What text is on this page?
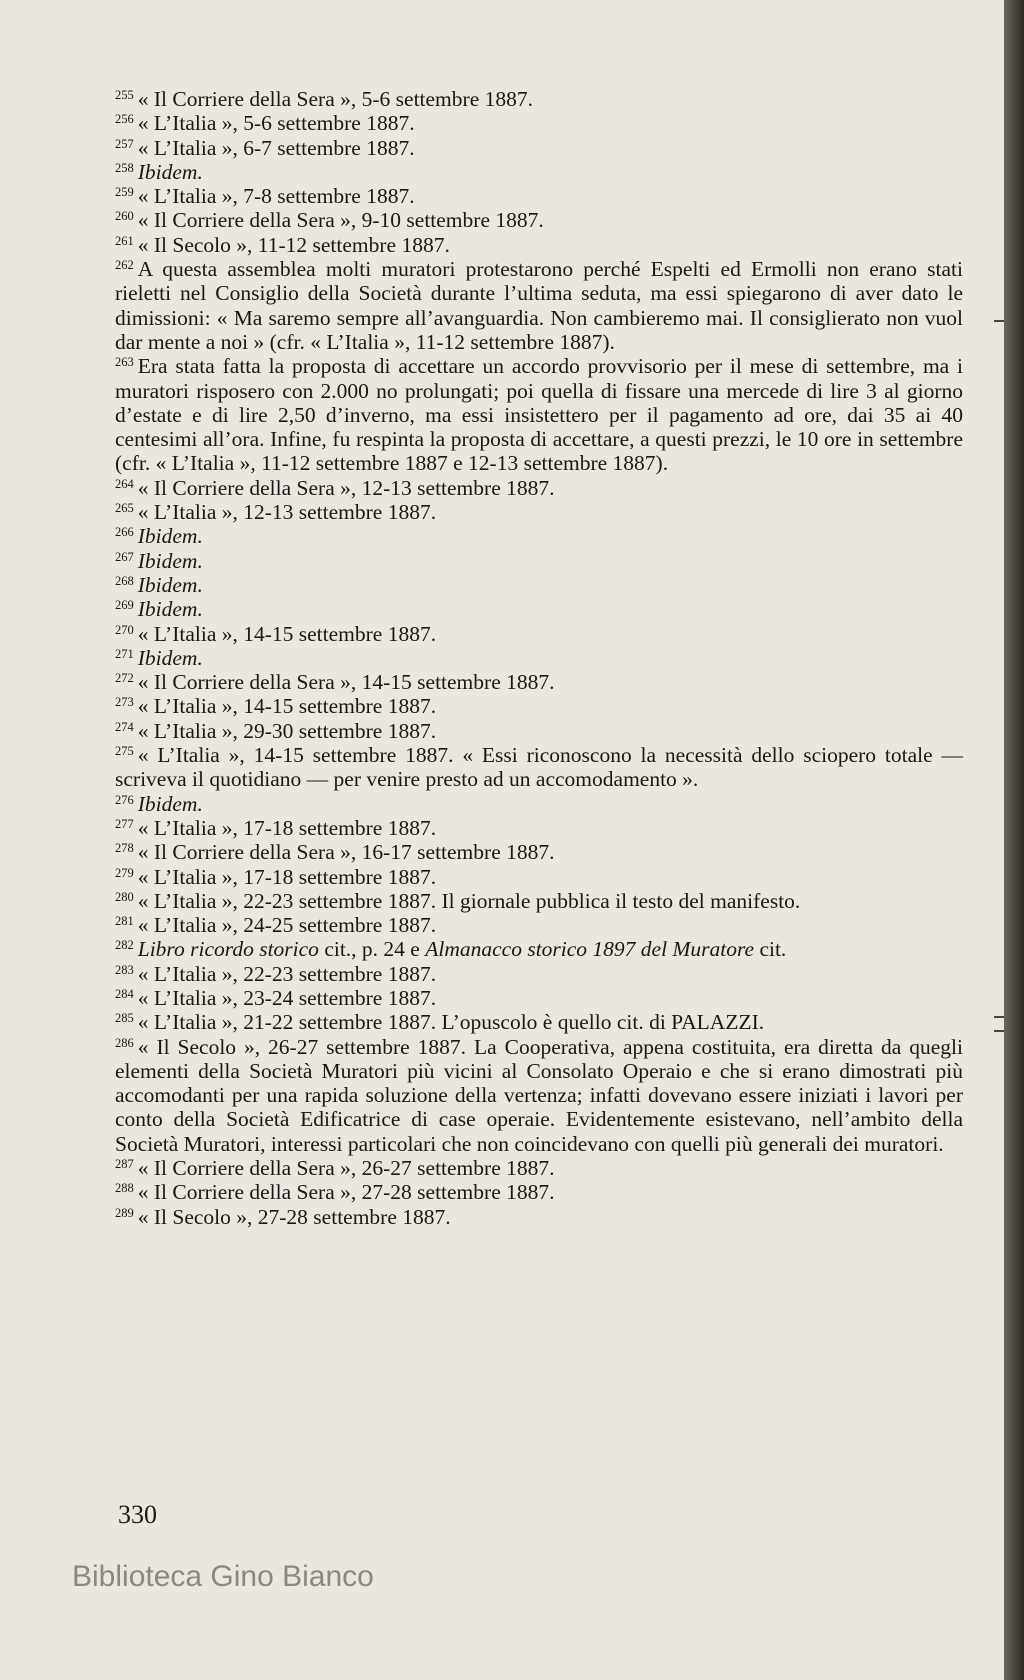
$^{255}$ « Il Corriere della Sera », 5-6 settembre 1887.

$^{256}$ « L’Italia », 5-6 settembre 1887.

$^{257}$ « L’Italia », 6-7 settembre 1887.

$^{258}$ Ibidem.

$^{259}$ « L’Italia », 7-8 settembre 1887.

$^{260}$ « Il Corriere della Sera », 9-10 settembre 1887.

$^{261}$ « Il Secolo », 11-12 settembre 1887.

$^{262}$ A questa assemblea molti muratori protestarono perché Espelti ed Ermolli non erano stati rieletti nel Consiglio della Società durante l’ultima seduta, ma essi spiegarono di aver dato le dimissioni: « Ma saremo sempre all’avanguardia. Non cambieremo mai. Il consiglierato non vuol dar mente a noi » (cfr. « L’Italia », 11-12 settembre 1887).

$^{263}$ Era stata fatta la proposta di accettare un accordo provvisorio per il mese di settembre, ma i muratori risposero con 2.000 no prolungati; poi quella di fissare una mercede di lire 3 al giorno d’estate e di lire 2,50 d’inverno, ma essi insistettero per il pagamento ad ore, dai 35 ai 40 centesimi all’ora. Infine, fu respinta la proposta di accettare, a questi prezzi, le 10 ore in settembre (cfr. « L’Italia », 11-12 settembre 1887 e 12-13 settembre 1887).

$^{264}$ « Il Corriere della Sera », 12-13 settembre 1887.

$^{265}$ « L’Italia », 12-13 settembre 1887.

$^{266}$ Ibidem.

$^{267}$ Ibidem.

$^{268}$ Ibidem.

$^{269}$ Ibidem.

$^{270}$ « L’Italia », 14-15 settembre 1887.

$^{271}$ Ibidem.

$^{272}$ « Il Corriere della Sera », 14-15 settembre 1887.

$^{273}$ « L’Italia », 14-15 settembre 1887.

$^{274}$ « L’Italia », 29-30 settembre 1887.

$^{275}$ « L’Italia », 14-15 settembre 1887. « Essi riconoscono la necessità dello sciopero totale — scriveva il quotidiano — per venire presto ad un accomodamento ».

$^{276}$ Ibidem.

$^{277}$ « L’Italia », 17-18 settembre 1887.

$^{278}$ « Il Corriere della Sera », 16-17 settembre 1887.

$^{279}$ « L’Italia », 17-18 settembre 1887.

$^{280}$ « L’Italia », 22-23 settembre 1887. Il giornale pubblica il testo del manifesto.

$^{281}$ « L’Italia », 24-25 settembre 1887.

$^{282}$ Libro ricordo storico cit., p. 24 e Almanacco storico 1897 del Muratore cit.

$^{283}$ « L’Italia », 22-23 settembre 1887.

$^{284}$ « L’Italia », 23-24 settembre 1887.

$^{285}$ « L’Italia », 21-22 settembre 1887. L’opuscolo è quello cit. di PALAZZI.

$^{286}$ « Il Secolo », 26-27 settembre 1887. La Cooperativa, appena costituita, era diretta da quegli elementi della Società Muratori più vicini al Consolato Operaio e che si erano dimostrati più accomodanti per una rapida soluzione della vertenza; infatti dovevano essere iniziati i lavori per conto della Società Edificatrice di case operaie. Evidentemente esistevano, nell’ambito della Società Muratori, interessi particolari che non coincidevano con quelli più generali dei muratori.

$^{287}$ « Il Corriere della Sera », 26-27 settembre 1887.

$^{288}$ « Il Corriere della Sera », 27-28 settembre 1887.

$^{289}$ « Il Secolo », 27-28 settembre 1887.

330
Biblioteca Gino Bianco
